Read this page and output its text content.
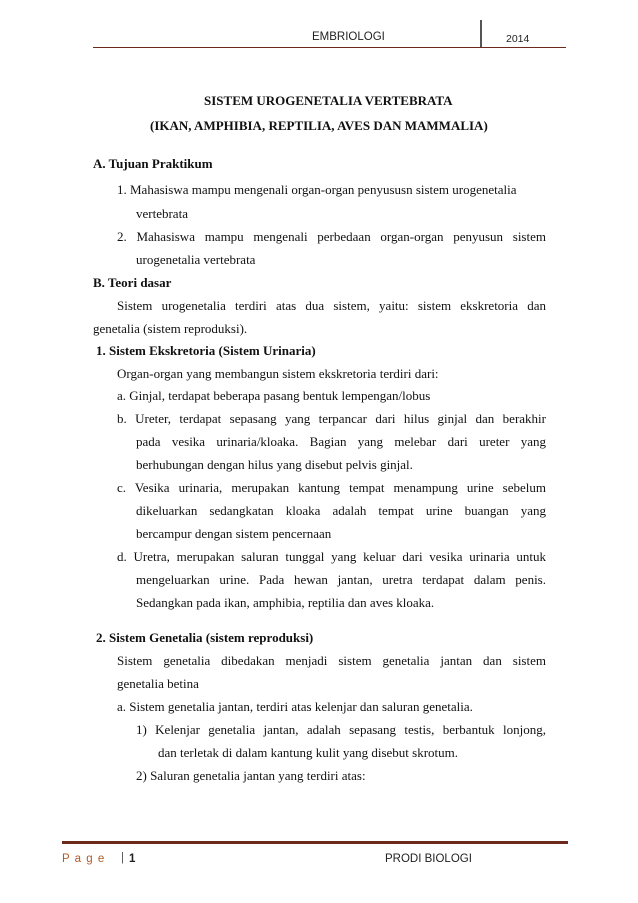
EMBRIOLOGI	2014
SISTEM UROGENETALIA VERTEBRATA
(IKAN, AMPHIBIA, REPTILIA, AVES DAN MAMMALIA)
A. Tujuan Praktikum
1. Mahasiswa mampu mengenali organ-organ penyususn sistem urogenetalia
vertebrata
2. Mahasiswa mampu mengenali perbedaan organ-organ penyusun sistem
urogenetalia vertebrata
B. Teori dasar
Sistem urogenetalia terdiri atas dua sistem, yaitu: sistem ekskretoria dan
genetalia (sistem reproduksi).
1. Sistem Ekskretoria (Sistem Urinaria)
Organ-organ yang membangun sistem ekskretoria terdiri dari:
a. Ginjal, terdapat beberapa pasang bentuk lempengan/lobus
b. Ureter, terdapat sepasang yang terpancar dari hilus ginjal dan berakhir
pada vesika urinaria/kloaka. Bagian yang melebar dari ureter yang
berhubungan dengan hilus yang disebut pelvis ginjal.
c. Vesika urinaria, merupakan kantung tempat menampung urine sebelum
dikeluarkan sedangkatan kloaka adalah tempat urine buangan yang
bercampur dengan sistem pencernaan
d. Uretra, merupakan saluran tunggal yang keluar dari vesika urinaria untuk
mengeluarkan urine. Pada hewan jantan, uretra terdapat dalam penis.
Sedangkan pada ikan, amphibia, reptilia dan aves kloaka.
2. Sistem Genetalia (sistem reproduksi)
Sistem genetalia dibedakan menjadi sistem genetalia jantan dan sistem
genetalia betina
a. Sistem genetalia jantan, terdiri atas kelenjar dan saluran genetalia.
1) Kelenjar genetalia jantan, adalah sepasang testis, berbantuk lonjong,
dan terletak di dalam kantung kulit yang disebut skrotum.
2) Saluran genetalia jantan yang terdiri atas:
P a g e | 1	PRODI BIOLOGI
